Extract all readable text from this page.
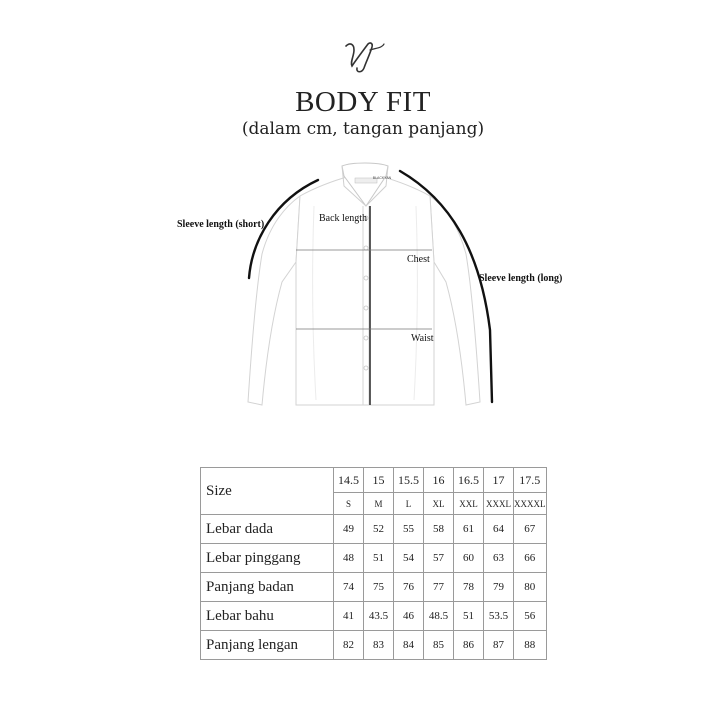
BODY FIT
(dalam cm, tangan panjang)
BLACKYAN
Sleeve length (short)
Back length
Chest
Sleeve length (long)
Waist
Size	14.5	15	15.5	16	16.5	17	17.5
	S	M	L	XL	XXL	XXXL	XXXXL
Lebar dada	49	52	55	58	61	64	67
Lebar pinggang	48	51	54	57	60	63	66
Panjang badan	74	75	76	77	78	79	80
Lebar bahu	41	43.5	46	48.5	51	53.5	56
Panjang lengan	82	83	84	85	86	87	88
